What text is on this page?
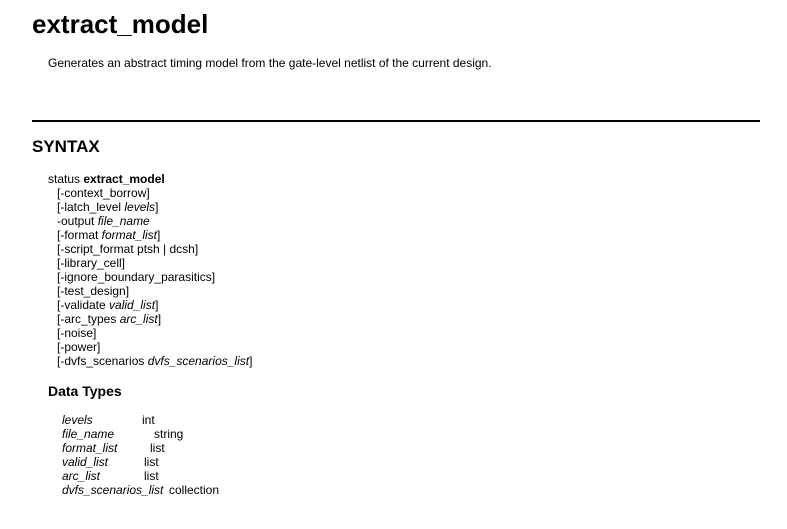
extract_model
Generates an abstract timing model from the gate-level netlist of the current design.
SYNTAX
status extract_model
[-context_borrow]
[-latch_level levels]
-output file_name
[-format format_list]
[-script_format ptsh | dcsh]
[-library_cell]
[-ignore_boundary_parasitics]
[-test_design]
[-validate valid_list]
[-arc_types arc_list]
[-noise]
[-power]
[-dvfs_scenarios dvfs_scenarios_list]
Data Types
levels	int
file_name	string
format_list	list
valid_list	list
arc_list	list
dvfs_scenarios_list collection
